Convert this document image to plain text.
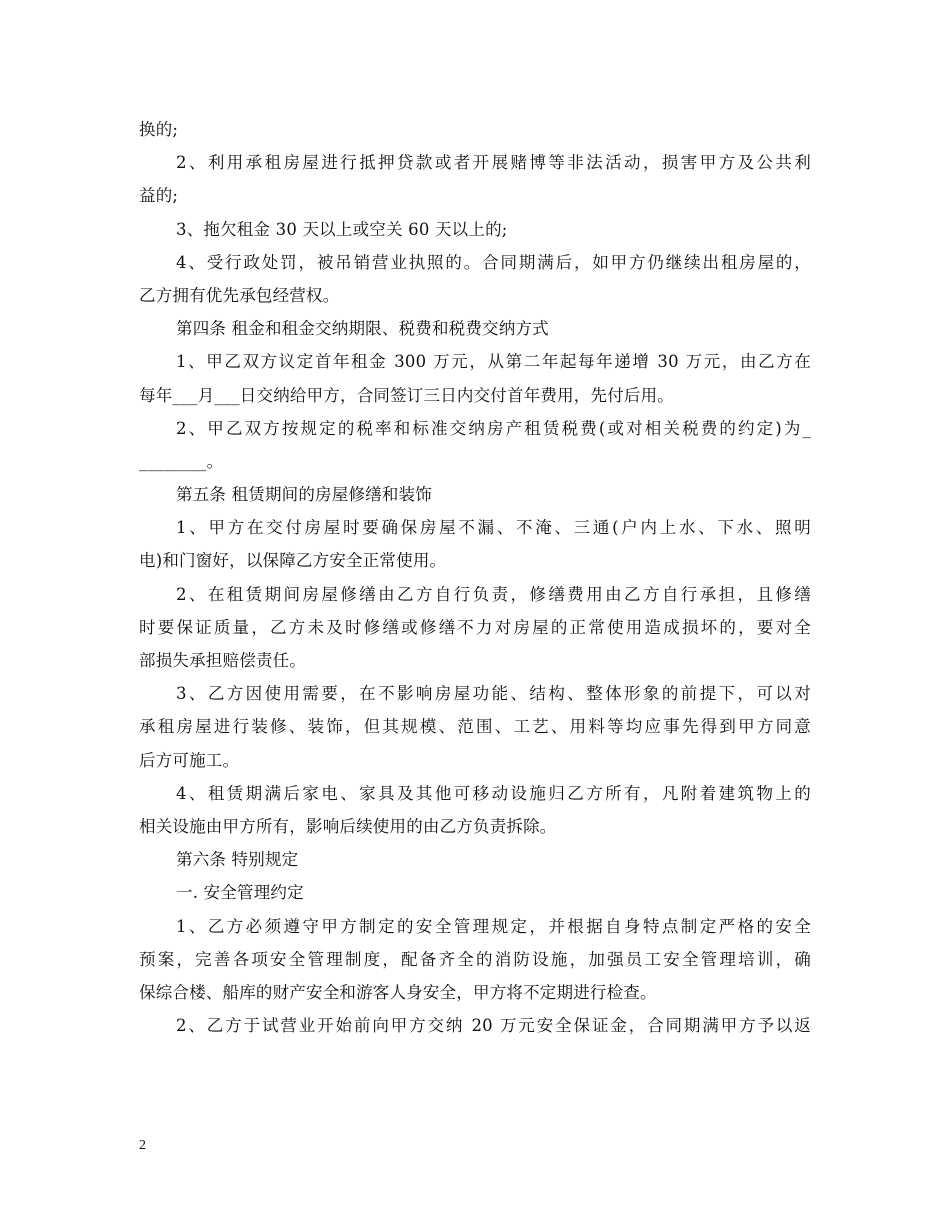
换的;
2、利用承租房屋进行抵押贷款或者开展赌博等非法活动，损害甲方及公共利
益的;
3、拖欠租金 30 天以上或空关 60 天以上的;
4、受行政处罚，被吊销营业执照的。合同期满后，如甲方仍继续出租房屋的，
乙方拥有优先承包经营权。
第四条 租金和租金交纳期限、税费和税费交纳方式
1、甲乙双方议定首年租金 300 万元，从第二年起每年递增 30 万元，由乙方在
每年___月___日交纳给甲方，合同签订三日内交付首年费用，先付后用。
2、甲乙双方按规定的税率和标准交纳房产租赁税费(或对相关税费的约定)为_
________。
第五条 租赁期间的房屋修缮和装饰
1、甲方在交付房屋时要确保房屋不漏、不淹、三通(户内上水、下水、照明
电)和门窗好，以保障乙方安全正常使用。
2、在租赁期间房屋修缮由乙方自行负责，修缮费用由乙方自行承担，且修缮
时要保证质量，乙方未及时修缮或修缮不力对房屋的正常使用造成损坏的，要对全
部损失承担赔偿责任。
3、乙方因使用需要，在不影响房屋功能、结构、整体形象的前提下，可以对
承租房屋进行装修、装饰，但其规模、范围、工艺、用料等均应事先得到甲方同意
后方可施工。
4、租赁期满后家电、家具及其他可移动设施归乙方所有，凡附着建筑物上的
相关设施由甲方所有，影响后续使用的由乙方负责拆除。
第六条 特别规定
一. 安全管理约定
1、乙方必须遵守甲方制定的安全管理规定，并根据自身特点制定严格的安全
预案，完善各项安全管理制度，配备齐全的消防设施，加强员工安全管理培训，确
保综合楼、船库的财产安全和游客人身安全，甲方将不定期进行检查。
2、乙方于试营业开始前向甲方交纳 20 万元安全保证金，合同期满甲方予以返
2
